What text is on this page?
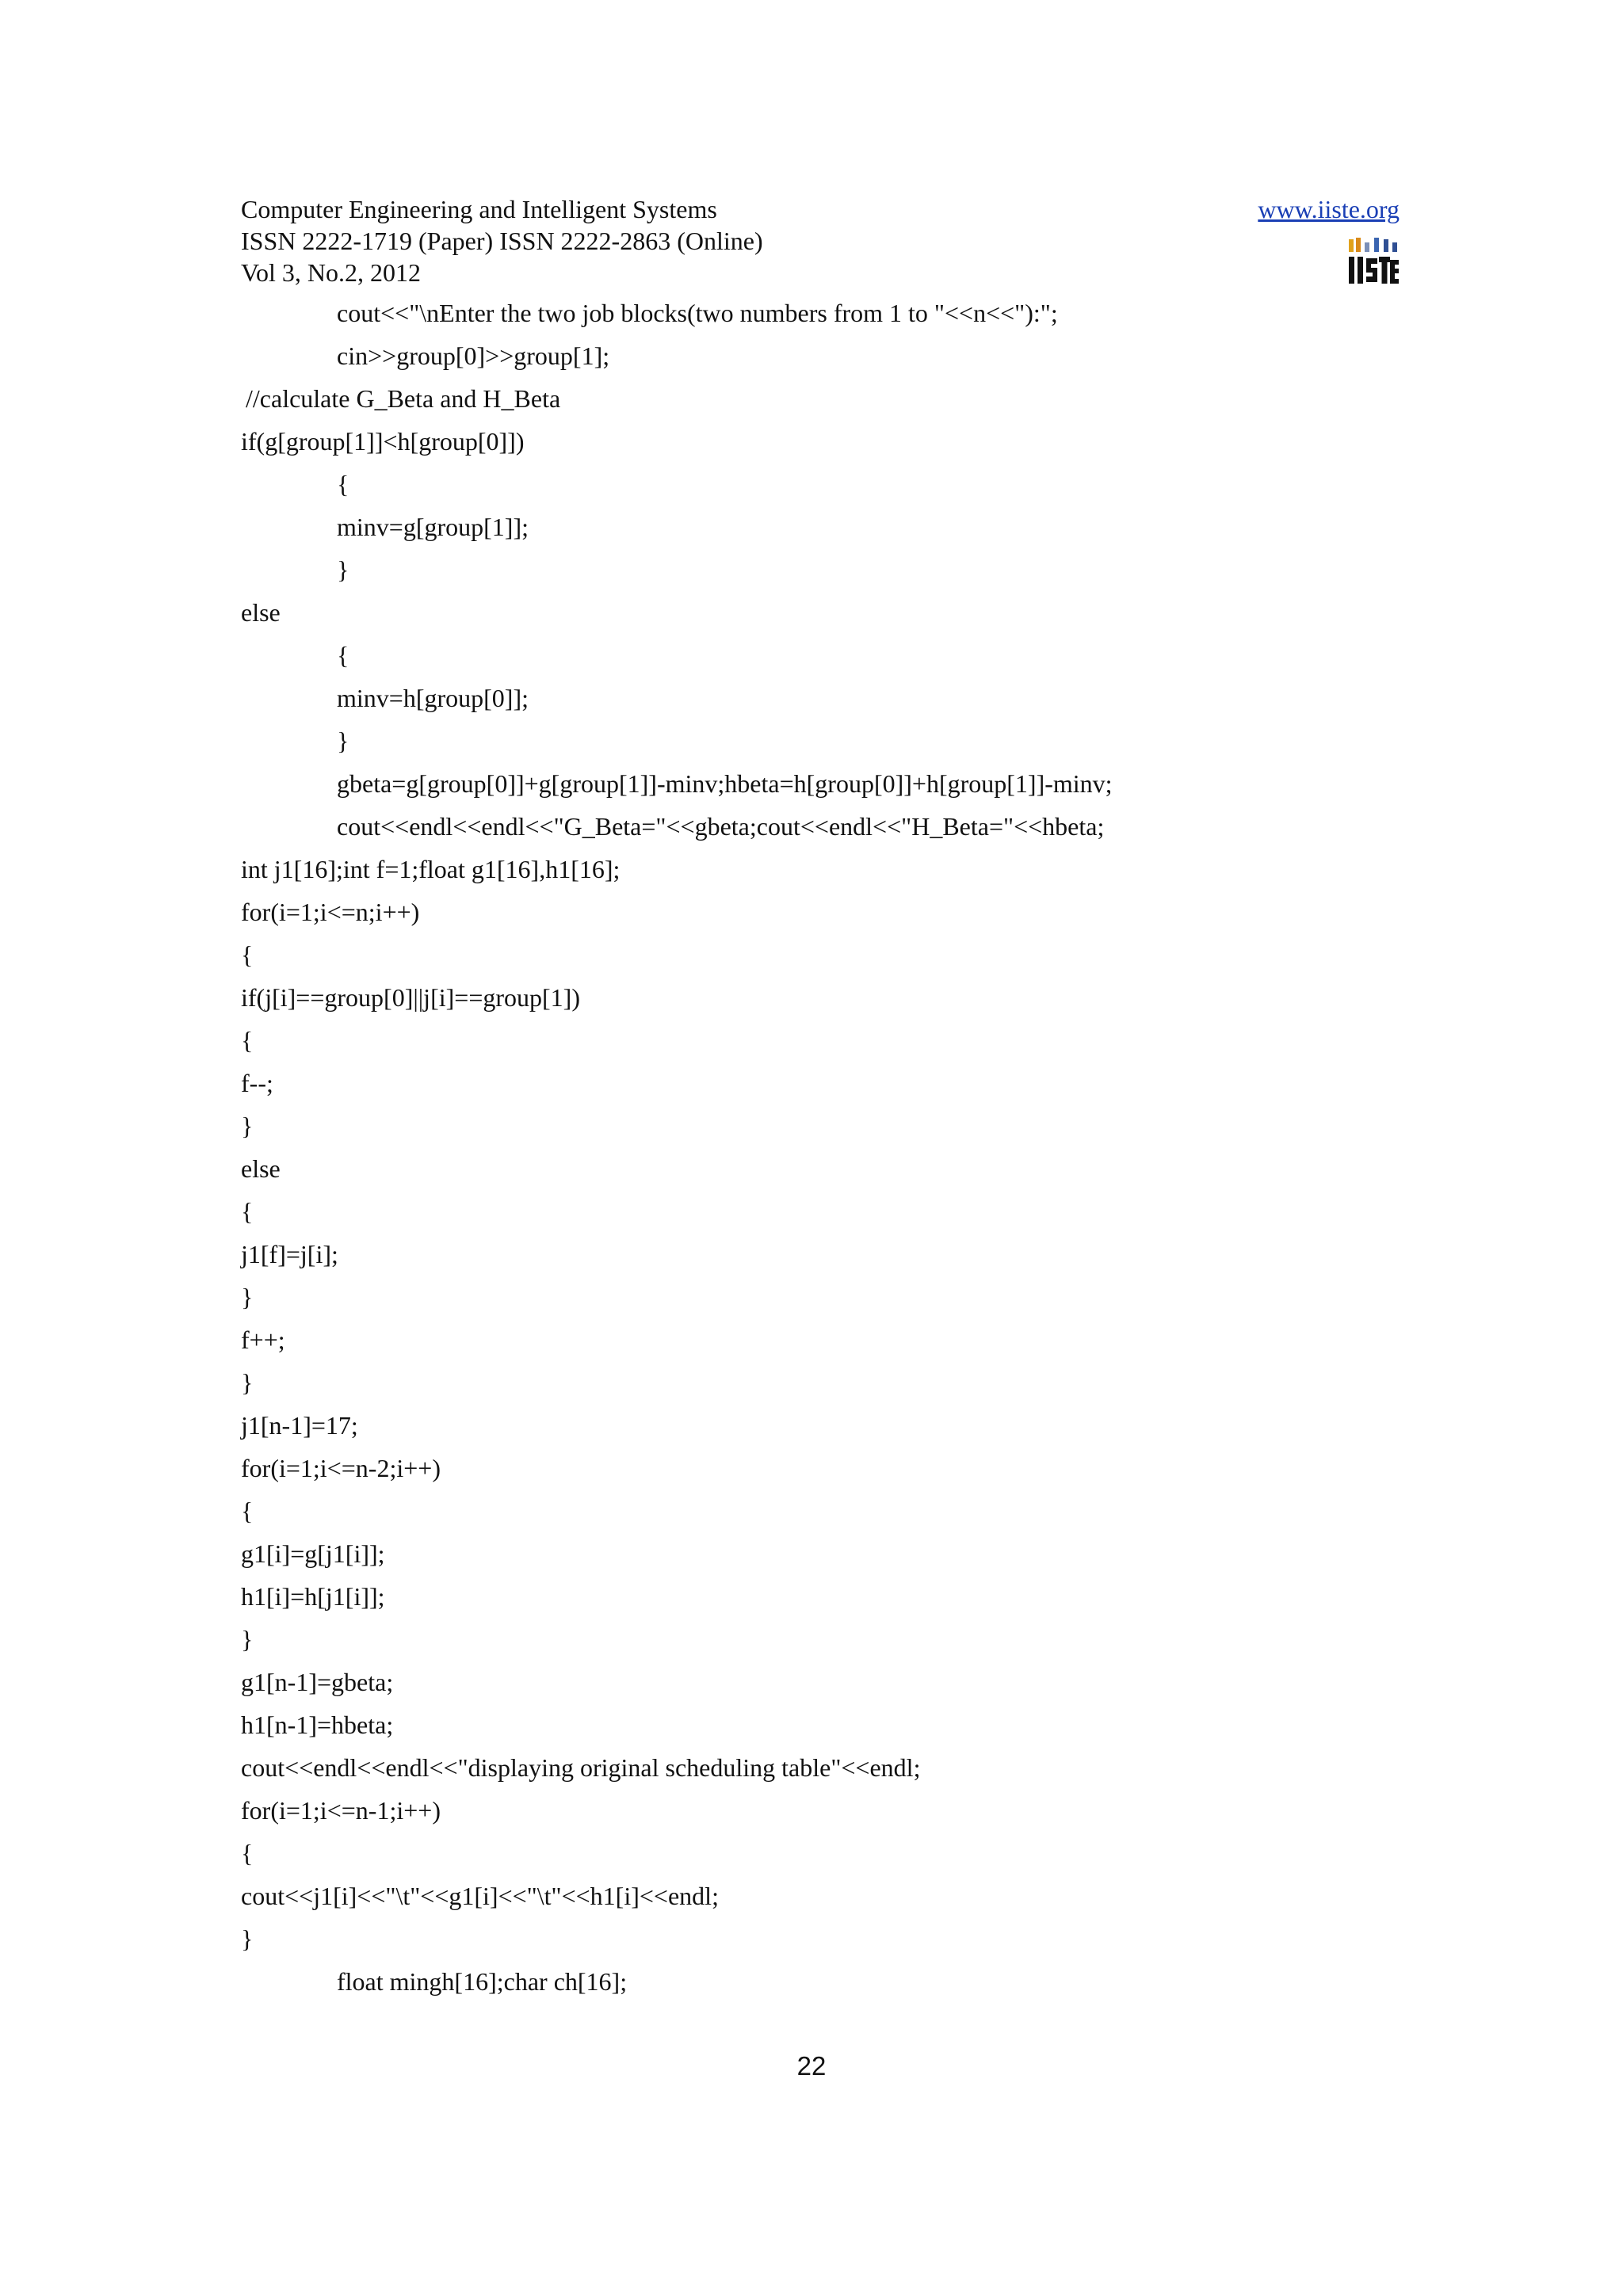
Computer Engineering and Intelligent Systems
ISSN 2222-1719 (Paper) ISSN 2222-2863 (Online)
Vol 3, No.2, 2012
www.iiste.org
cout<<"\nEnter the two job blocks(two numbers from 1 to "<<n<<"):";
cin>>group[0]>>group[1];
//calculate G_Beta and H_Beta
if(g[group[1]]<h[group[0]])
{
minv=g[group[1]];
}
else
{
minv=h[group[0]];
}
gbeta=g[group[0]]+g[group[1]]-minv;hbeta=h[group[0]]+h[group[1]]-minv;
cout<<endl<<endl<<"G_Beta="<<gbeta;cout<<endl<<"H_Beta="<<hbeta;
int j1[16];int f=1;float g1[16],h1[16];
for(i=1;i<=n;i++)
{
if(j[i]==group[0]||j[i]==group[1])
{
f--;
}
else
{
j1[f]=j[i];
}
f++;
}
j1[n-1]=17;
for(i=1;i<=n-2;i++)
{
g1[i]=g[j1[i]];
h1[i]=h[j1[i]];
}
g1[n-1]=gbeta;
h1[n-1]=hbeta;
cout<<endl<<endl<<"displaying original scheduling table"<<endl;
for(i=1;i<=n-1;i++)
{
cout<<j1[i]<<"\t"<<g1[i]<<"\t"<<h1[i]<<endl;
}
float mingh[16];char ch[16];
22
